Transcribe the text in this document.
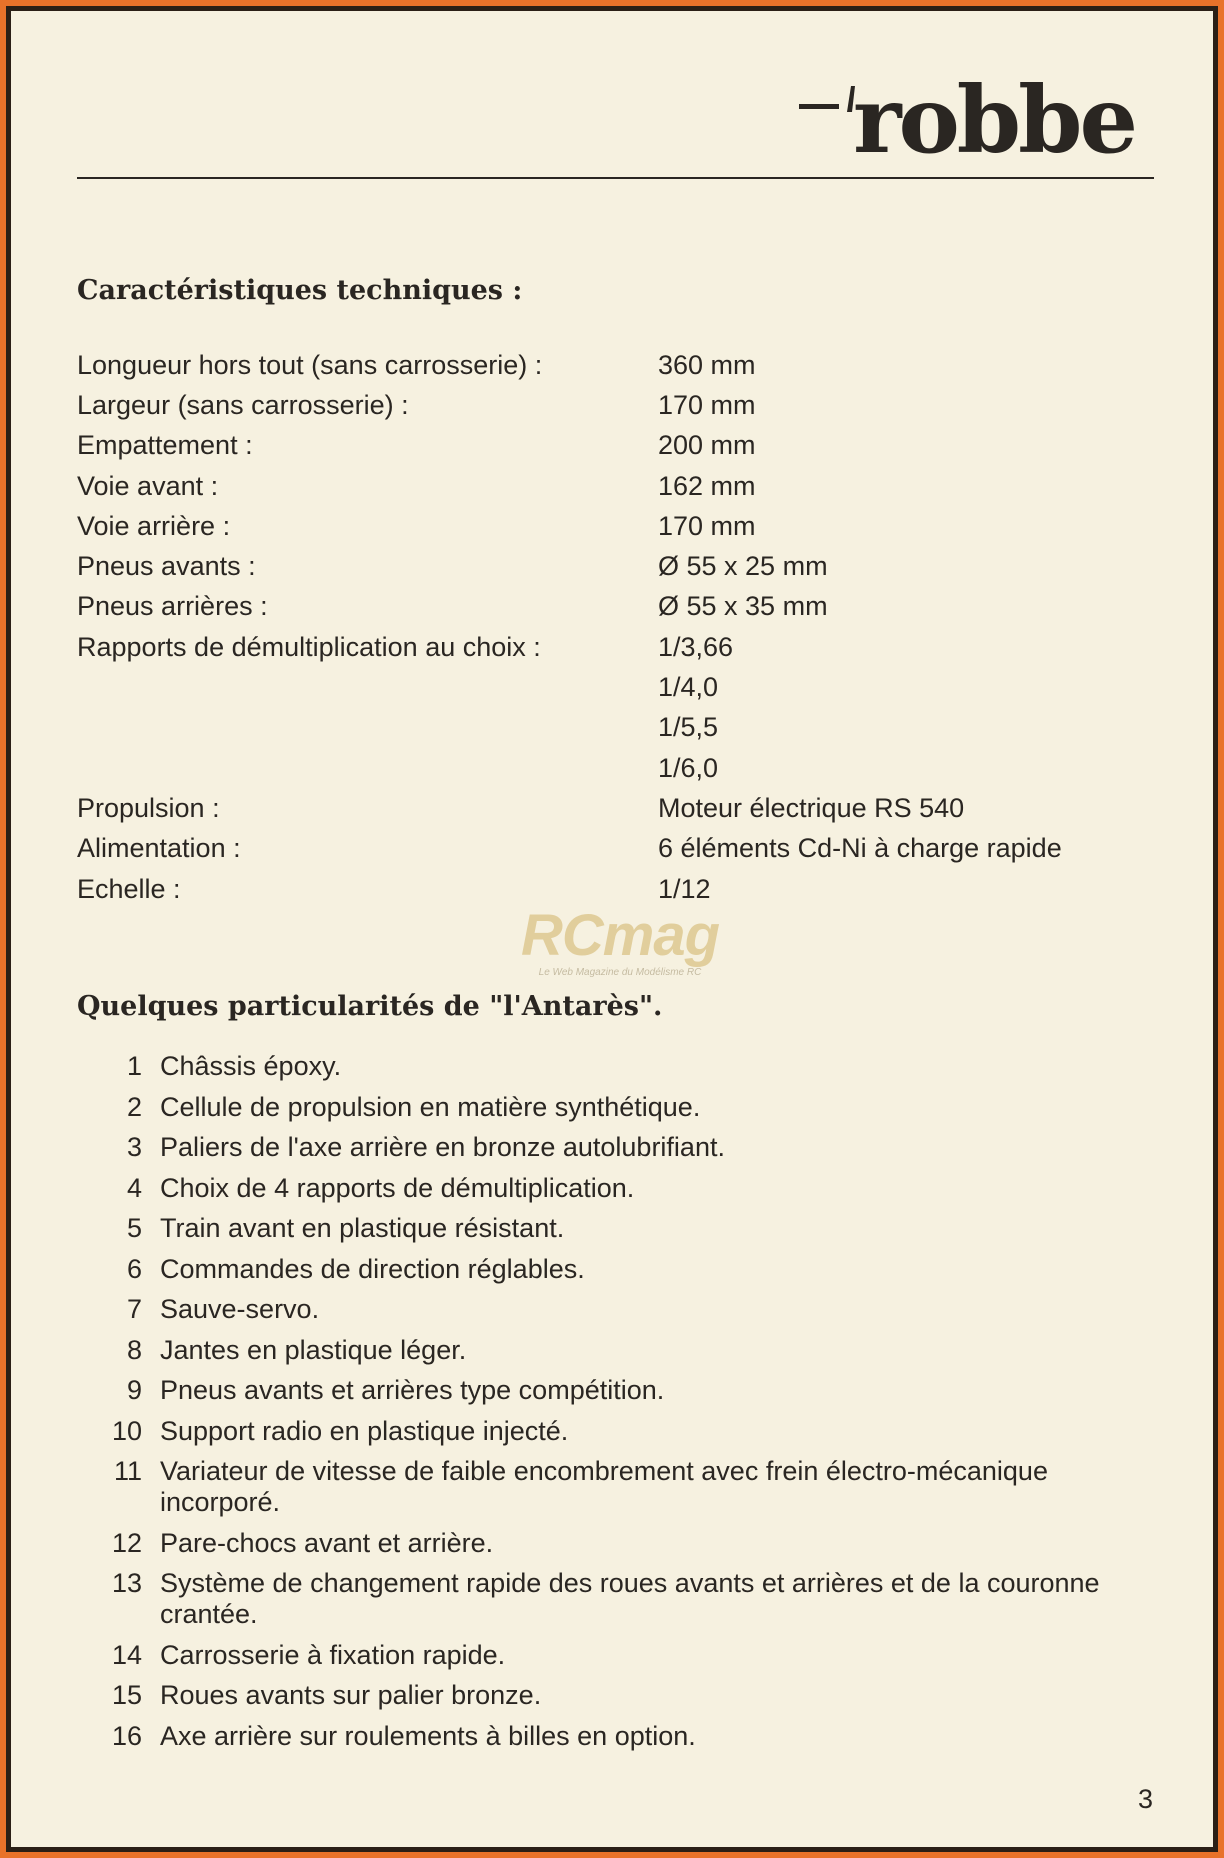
robbe
Caractéristiques techniques :
Longueur hors tout (sans carrosserie) :	360 mm
Largeur (sans carrosserie) :	170 mm
Empattement :	200 mm
Voie avant :	162 mm
Voie arrière :	170 mm
Pneus avants :	Ø 55 x 25 mm
Pneus arrières :	Ø 55 x 35 mm
Rapports de démultiplication au choix :	1/3,66
1/4,0
1/5,5
1/6,0
Propulsion :	Moteur électrique RS 540
Alimentation :	6 éléments Cd-Ni à charge rapide
Echelle :	1/12
RCmag
Le Web Magazine du Modélisme RC
Quelques particularités de "l'Antarès".
1 Châssis époxy.
2 Cellule de propulsion en matière synthétique.
3 Paliers de l'axe arrière en bronze autolubrifiant.
4 Choix de 4 rapports de démultiplication.
5 Train avant en plastique résistant.
6 Commandes de direction réglables.
7 Sauve-servo.
8 Jantes en plastique léger.
9 Pneus avants et arrières type compétition.
10 Support radio en plastique injecté.
11 Variateur de vitesse de faible encombrement avec frein électro-mécanique incorporé.
12 Pare-chocs avant et arrière.
13 Système de changement rapide des roues avants et arrières et de la couronne crantée.
14 Carrosserie à fixation rapide.
15 Roues avants sur palier bronze.
16 Axe arrière sur roulements à billes en option.
3
